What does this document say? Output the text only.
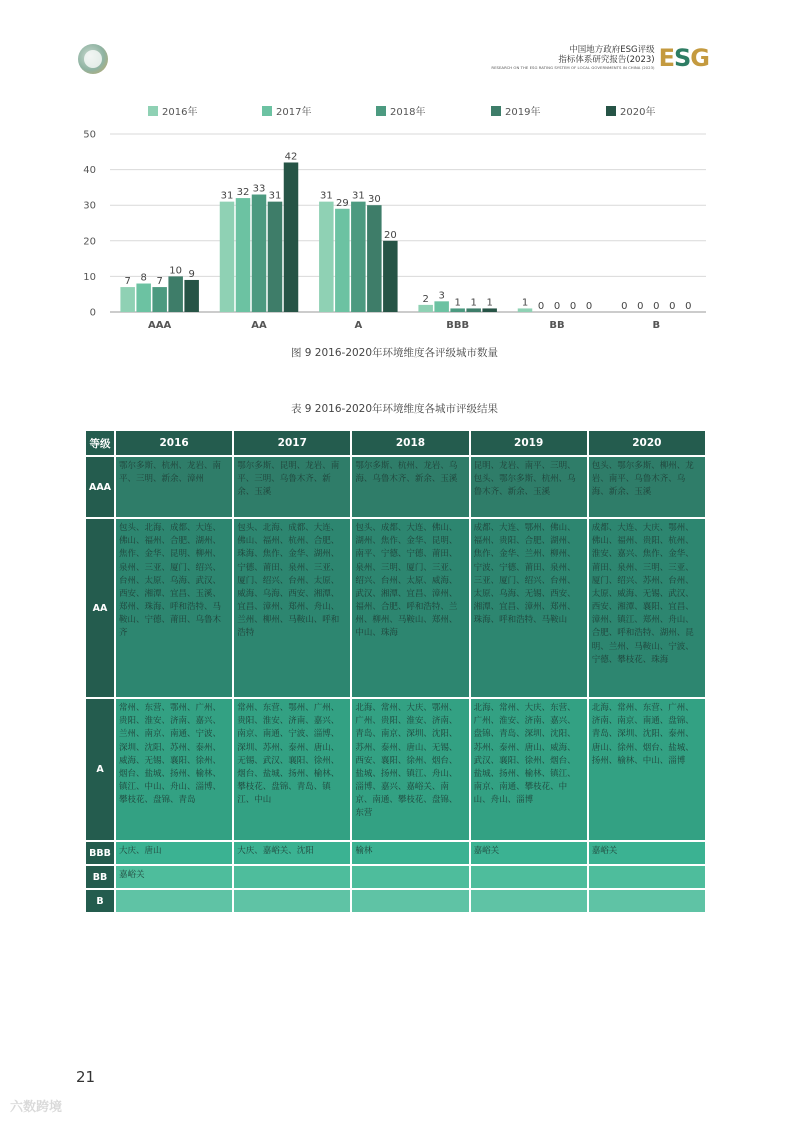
中国地方政府ESG评级
指标体系研究报告(2023)
RESEARCH ON THE ESG RATING SYSTEM OF LOCAL GOVERNMENTS IN CHINA (2023) ESG
0
10
20
30
40
50
2016年	2017年	2018年	2019年	2020年
7 8 7
10 9
AAA
31 32 33
31
42
AA
31
29
31 30
20
A
2 3
1 1 1
BBB
1 0 0 0 0
BB
0 0 0 0 0
B
图 9 2016-2020年环境维度各评级城市数量
表 9 2016-2020年环境维度各城市评级结果
等级	2016	2017	2018	2019	2020
AAA	鄂尔多斯、杭州、龙岩、南平、三明、新余、漳州	鄂尔多斯、昆明、龙岩、南平、三明、乌鲁木齐、新余、玉溪	鄂尔多斯、杭州、龙岩、乌海、乌鲁木齐、新余、玉溪	昆明、龙岩、南平、三明、包头、鄂尔多斯、杭州、乌鲁木齐、新余、玉溪	包头、鄂尔多斯、柳州、龙岩、南平、乌鲁木齐、乌海、新余、玉溪
AA	包头、北海、成都、大连、佛山、福州、合肥、湖州、焦作、金华、昆明、柳州、泉州、三亚、厦门、绍兴、台州、太原、乌海、武汉、西安、湘潭、宜昌、玉溪、郑州、珠海、呼和浩特、马鞍山、宁德、莆田、乌鲁木齐	包头、北海、成都、大连、佛山、福州、杭州、合肥、珠海、焦作、金华、湖州、宁德、莆田、泉州、三亚、厦门、绍兴、台州、太原、威海、乌海、西安、湘潭、宜昌、漳州、郑州、舟山、兰州、柳州、马鞍山、呼和浩特	包头、成都、大连、佛山、湖州、焦作、金华、昆明、南平、宁德、宁德、莆田、泉州、三明、厦门、三亚、绍兴、台州、太原、威海、武汉、湘潭、宜昌、漳州、福州、合肥、呼和浩特、兰州、柳州、马鞍山、郑州、中山、珠海	成都、大连、鄂州、佛山、福州、贵阳、合肥、湖州、焦作、金华、兰州、柳州、宁波、宁德、莆田、泉州、三亚、厦门、绍兴、台州、太原、乌海、无锡、西安、湘潭、宜昌、漳州、郑州、珠海、呼和浩特、马鞍山	成都、大连、大庆、鄂州、佛山、福州、贵阳、杭州、淮安、嘉兴、焦作、金华、莆田、泉州、三明、三亚、厦门、绍兴、苏州、台州、太原、威海、无锡、武汉、西安、湘潭、襄阳、宜昌、漳州、镇江、郑州、舟山、合肥、呼和浩特、湖州、昆明、兰州、马鞍山、宁波、宁德、攀枝花、珠海
A	常州、东营、鄂州、广州、贵阳、淮安、济南、嘉兴、兰州、南京、南通、宁波、深圳、沈阳、苏州、泰州、威海、无锡、襄阳、徐州、烟台、盐城、扬州、榆林、镇江、中山、舟山、淄博、攀枝花、盘锦、青岛	常州、东营、鄂州、广州、贵阳、淮安、济南、嘉兴、南京、南通、宁波、淄博、深圳、苏州、泰州、唐山、无锡、武汉、襄阳、徐州、烟台、盐城、扬州、榆林、攀枝花、盘锦、青岛、镇江、中山	北海、常州、大庆、鄂州、广州、贵阳、淮安、济南、青岛、南京、深圳、沈阳、苏州、泰州、唐山、无锡、西安、襄阳、徐州、烟台、盐城、扬州、镇江、舟山、淄博、嘉兴、嘉峪关、南京、南通、攀枝花、盘锦、东营	北海、常州、大庆、东营、广州、淮安、济南、嘉兴、盘锦、青岛、深圳、沈阳、苏州、泰州、唐山、威海、武汉、襄阳、徐州、烟台、盐城、扬州、榆林、镇江、南京、南通、攀枝花、中山、舟山、淄博	北海、常州、东营、广州、济南、南京、南通、盘锦、青岛、深圳、沈阳、泰州、唐山、徐州、烟台、盐城、扬州、榆林、中山、淄博
BBB	大庆、唐山	大庆、嘉峪关、沈阳	榆林	嘉峪关	嘉峪关
BB	嘉峪关				
B					
21
六数跨境
